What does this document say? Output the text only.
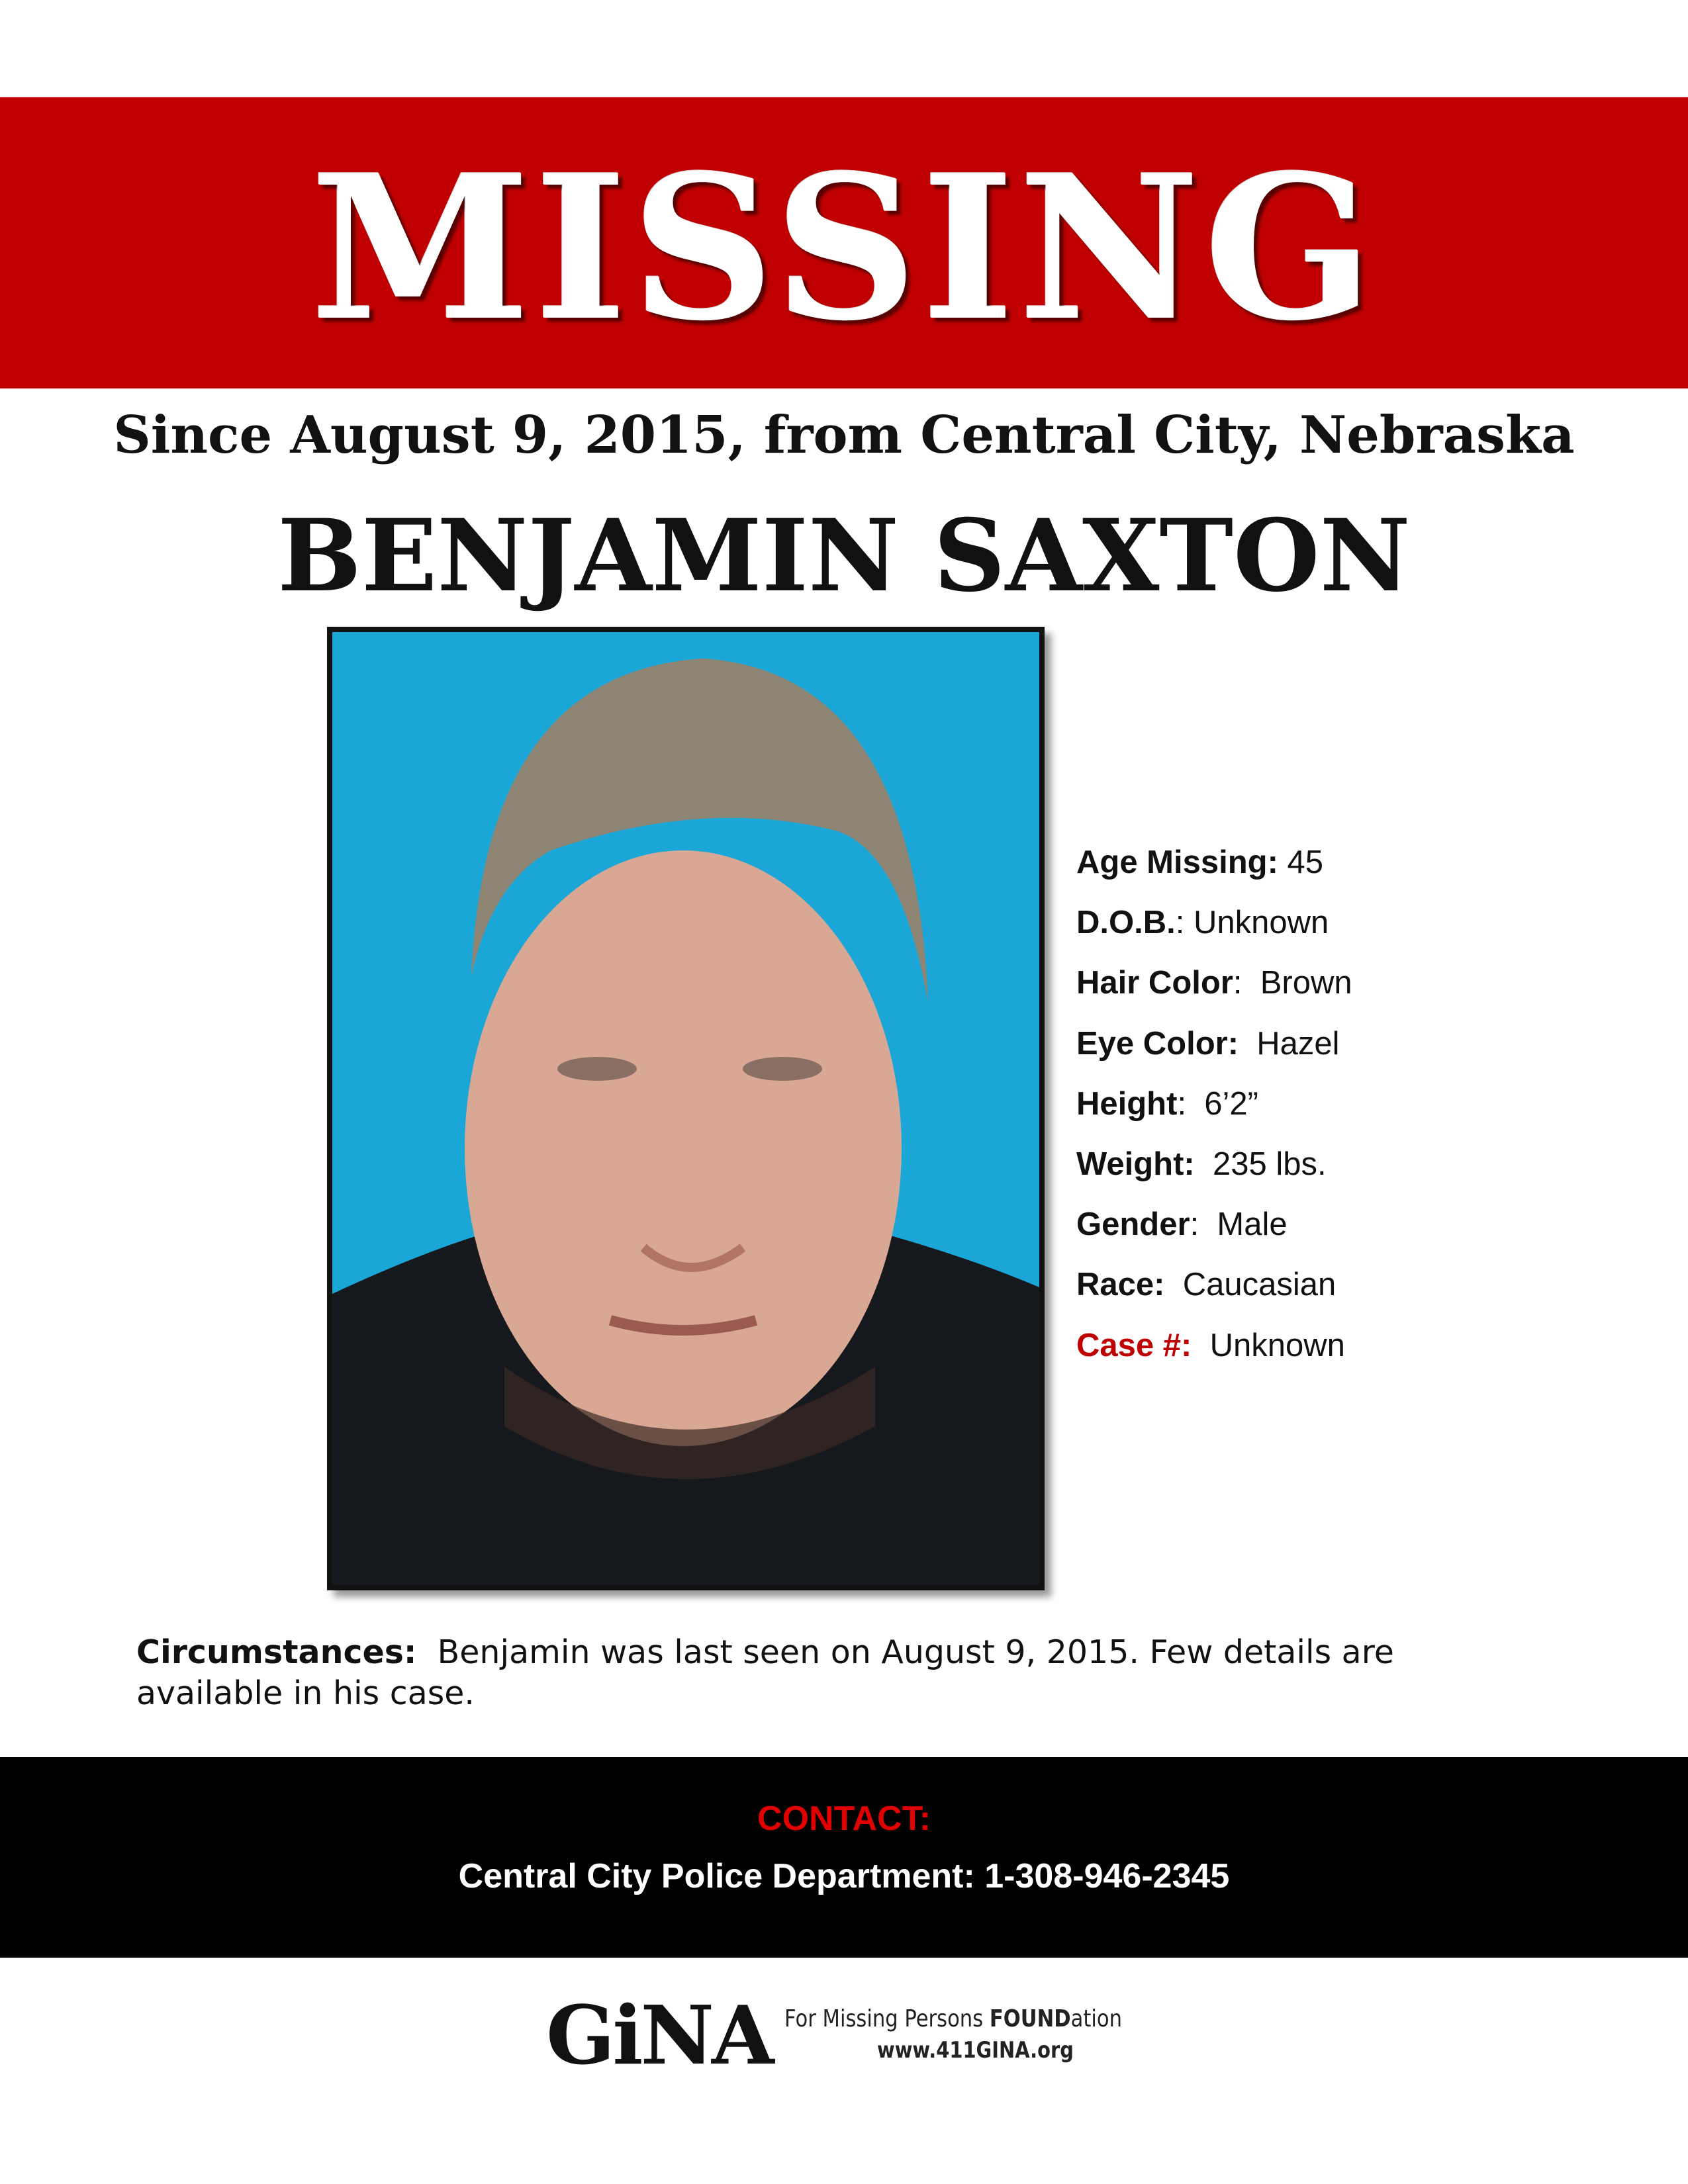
MISSING
Since August 9, 2015, from Central City, Nebraska
BENJAMIN SAXTON
Age Missing: 45
D.O.B.: Unknown
Hair Color: Brown
Eye Color: Hazel
Height: 6’2”
Weight: 235 lbs.
Gender: Male
Race: Caucasian
Case #: Unknown
Circumstances: Benjamin was last seen on August 9, 2015. Few details are available in his case.
CONTACT:
Central City Police Department: 1-308-946-2345
GiNA For Missing Persons FOUNDation
www.411GINA.org
